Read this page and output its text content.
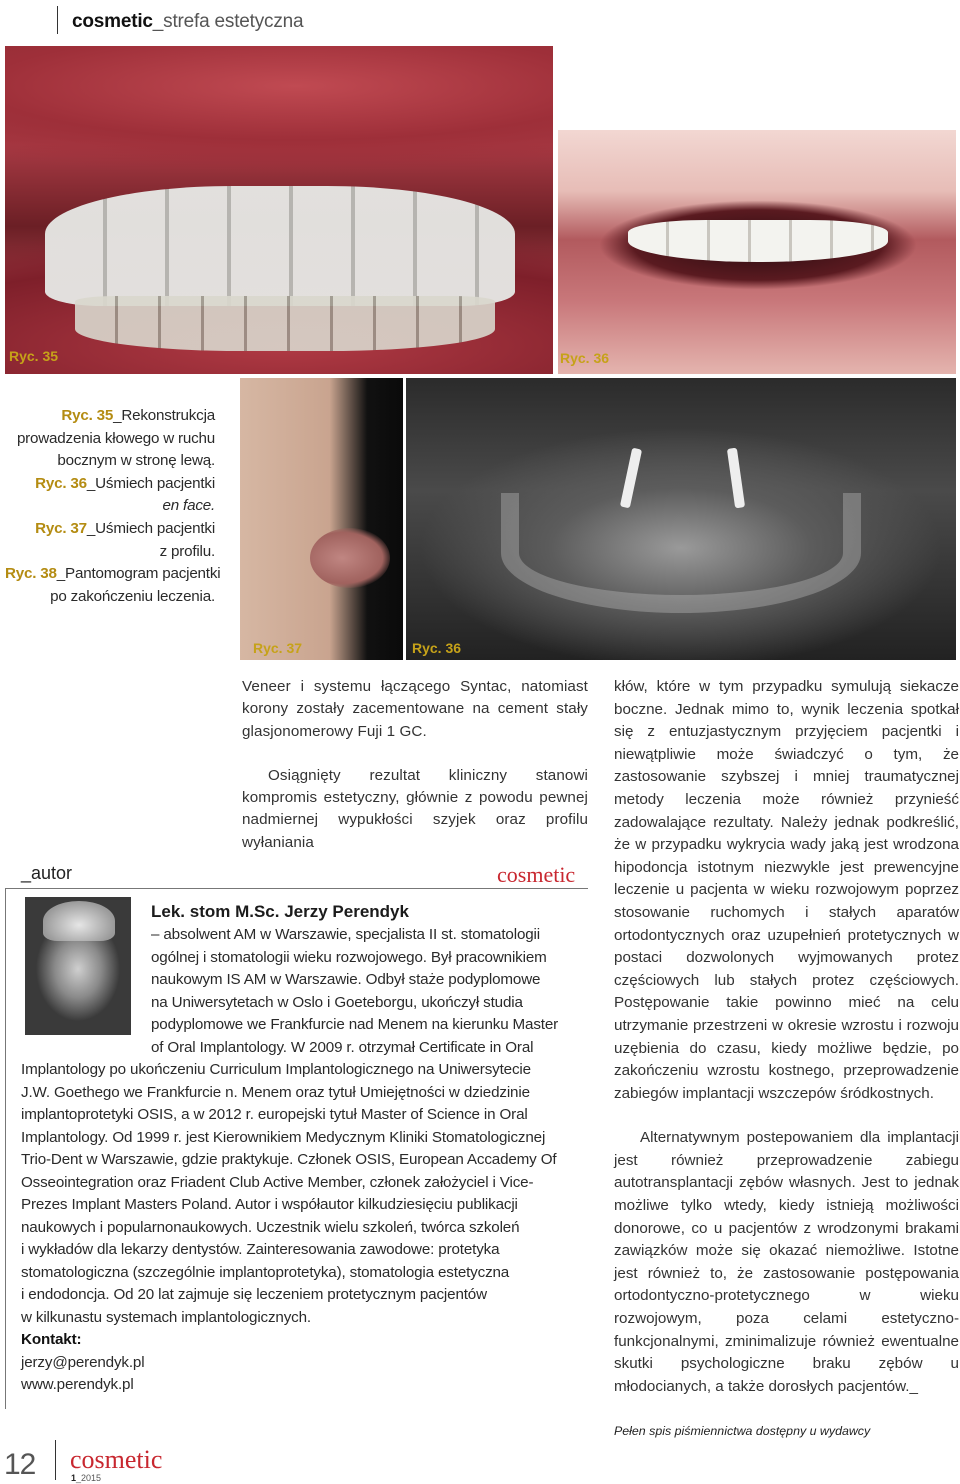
cosmetic_strefa estetyczna
Ryc. 35	Ryc. 36
Ryc. 37	Ryc. 36
Ryc. 35_Rekonstrukcja
prowadzenia kłowego w ruchu
bocznym w stronę lewą.
Ryc. 36_Uśmiech pacjentki
en face.
Ryc. 37_Uśmiech pacjentki
z profilu.
Ryc. 38_Pantomogram pacjentki
po zakończeniu leczenia.

Veneer i systemu łączącego Syntac, natomiast korony zostały zacementowane na cement stały glasjonomerowy Fuji 1 GC.

Osiągnięty rezultat kliniczny stanowi kompromis estetyczny, głównie z powodu pewnej nadmiernej wypukłości szyjek oraz profilu wyłaniania

kłów, które w tym przypadku symulują siekacze boczne. Jednak mimo to, wynik leczenia spotkał się z entuzjastycznym przyjęciem pacjentki i niewątpliwie może świadczyć o tym, że zastosowanie szybszej i mniej traumatycznej metody leczenia może również przynieść zadowalające rezultaty. Należy jednak podkreślić, że w przypadku wykrycia wady jaką jest wrodzona hipodoncja istotnym niezwykle jest prewencyjne leczenie u pacjenta w wieku rozwojowym poprzez stosowanie ruchomych i stałych aparatów ortodontycznych oraz uzupełnień protetycznych w postaci dozwolonych wyjmowanych protez częściowych lub stałych protez częściowych. Postępowanie takie powinno mieć na celu utrzymanie przestrzeni w okresie wzrostu i rozwoju uzębienia do czasu, kiedy możliwe będzie, po zakończeniu wzrostu kostnego, przeprowadzenie zabiegów implantacji wszczepów śródkostnych.

Alternatywnym postepowaniem dla implantacji jest również przeprowadzenie zabiegu autotransplantacji zębów własnych. Jest to jednak możliwe tylko wtedy, kiedy istnieją możliwości donorowe, co u pacjentów z wrodzonymi brakami zawiązków może się okazać niemożliwe. Istotne jest również to, że zastosowanie postępowania ortodontyczno-protetycznego w wieku rozwojowym, poza celami estetyczno-funkcjonalnymi, zminimalizuje również ewentualne skutki psychologiczne braku zębów u młodocianych, a także dorosłych pacjentów._

Pełen spis piśmiennictwa dostępny u wydawcy
_autor	cosmetic
Lek. stom M.Sc. Jerzy Perendyk
– absolwent AM w Warszawie, specjalista II st. stomatologii
ogólnej i stomatologii wieku rozwojowego. Był pracownikiem
naukowym IS AM w Warszawie. Odbył staże podyplomowe
na Uniwersytetach w Oslo i Goeteborgu, ukończył studia
podyplomowe we Frankfurcie nad Menem na kierunku Master
of Oral Implantology. W 2009 r. otrzymał Certificate in Oral
Implantology po ukończeniu Curriculum Implantologicznego na Uniwersytecie
J.W. Goethego we Frankfurcie n. Menem oraz tytuł Umiejętności w dziedzinie
implantoprotetyki OSIS, a w 2012 r. europejski tytuł Master of Science in Oral
Implantology. Od 1999 r. jest Kierownikiem Medycznym Kliniki Stomatologicznej
Trio-Dent w Warszawie, gdzie praktykuje. Członek OSIS, European Accademy Of
Osseointegration oraz Friadent Club Active Member, członek założyciel i Vice-
Prezes Implant Masters Poland. Autor i współautor kilkudziesięciu publikacji
naukowych i popularnonaukowych. Uczestnik wielu szkoleń, twórca szkoleń
i wykładów dla lekarzy dentystów. Zainteresowania zawodowe: protetyka
stomatologiczna (szczególnie implantoprotetyka), stomatologia estetyczna
i endodoncja. Od 20 lat zajmuje się leczeniem protetycznym pacjentów
w kilkunastu systemach implantologicznych.
Kontakt:
jerzy@perendyk.pl
www.perendyk.pl
12 cosmetic
1_2015
